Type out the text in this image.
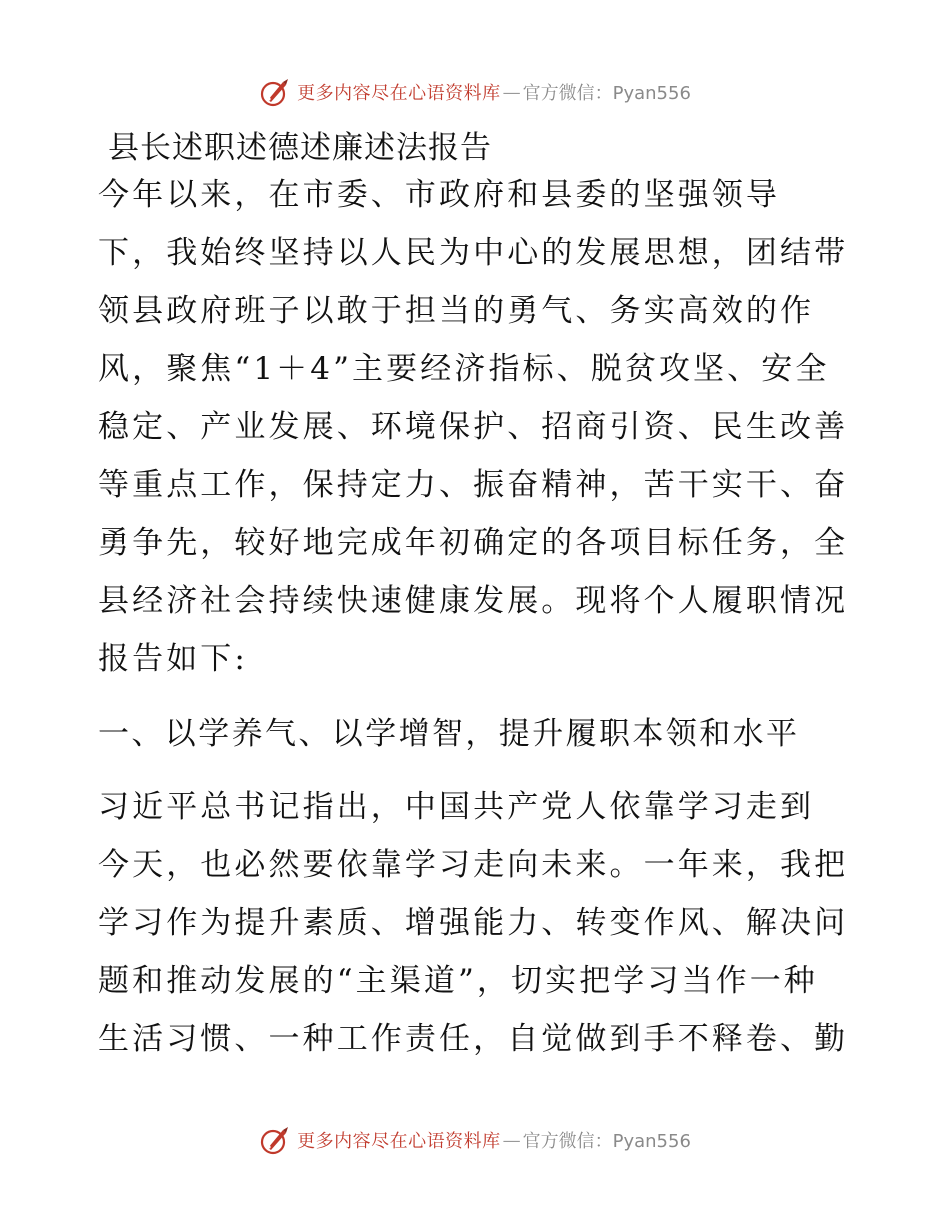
更多内容尽在心语资料库 — 官方微信：Pyan556
县长述职述德述廉述法报告
今年以来，在市委、市政府和县委的坚强领导
下，我始终坚持以人民为中心的发展思想，团结带
领县政府班子以敢于担当的勇气、务实高效的作
风，聚焦“1＋4”主要经济指标、脱贫攻坚、安全
稳定、产业发展、环境保护、招商引资、民生改善
等重点工作，保持定力、振奋精神，苦干实干、奋
勇争先，较好地完成年初确定的各项目标任务，全
县经济社会持续快速健康发展。现将个人履职情况
报告如下:
一、以学养气、以学增智，提升履职本领和水平
习近平总书记指出，中国共产党人依靠学习走到
今天，也必然要依靠学习走向未来。一年来，我把
学习作为提升素质、增强能力、转变作风、解决问
题和推动发展的“主渠道”，切实把学习当作一种
生活习惯、一种工作责任，自觉做到手不释卷、勤
更多内容尽在心语资料库 — 官方微信：Pyan556
